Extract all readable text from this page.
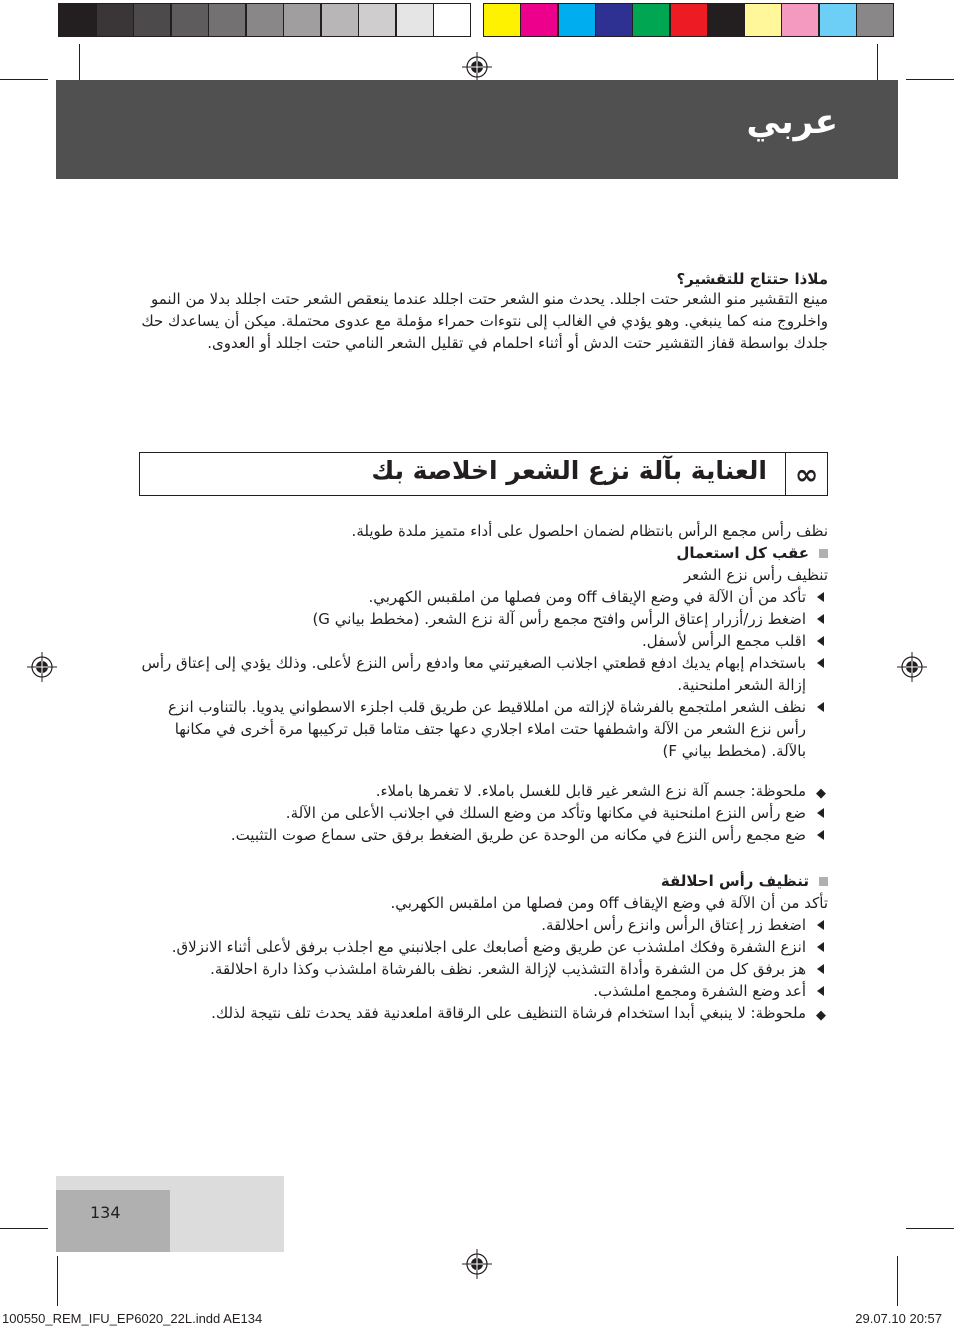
عربي
ملاذا حتتاج للتقشير؟
مينع التقشير منو الشعر حتت اجللد. يحدث منو الشعر حتت اجللد عندما ينعقص الشعر حتت اجللد بدلا من النمو واخلروج منه كما ينبغي. وهو يؤدي في الغالب إلى نتوءات حمراء مؤملة مع عدوى محتملة. ميكن أن يساعدك حك جلدك بواسطة قفاز التقشير حتت الدش أو أثناء احلمام في تقليل الشعر النامي حتت اجللد أو العدوى.
العناية بآلة نزع الشعر اخلاصة بك ∞
نظف رأس مجمع الرأس بانتظام لضمان احلصول على أداء متميز ملدة طويلة.
عقب كل استعمال
تنظيف رأس نزع الشعر
تأكد من أن الآلة في وضع الإيقاف off ومن فصلها من املقبس الكهربي.
اضغط زر/أزرار إعتاق الرأس وافتح مجمع رأس آلة نزع الشعر. (مخطط بياني G)
اقلب مجمع الرأس لأسفل.
باستخدام إبهام يديك ادفع قطعتي اجلانب الصغيرتني معا وادفع رأس النزع لأعلى. وذلك يؤدي إلى إعتاق رأس إزالة الشعر املنحنية.
نظف الشعر املتجمع بالفرشاة لإزالته من امللاقيط عن طريق قلب اجلزء الاسطواني يدويا. بالتناوب انزع رأس نزع الشعر من الآلة واشطفها حتت املاء اجلاري دعها جتف متاما قبل تركيبها مرة أخرى في مكانها بالآلة. (مخطط بياني F)
◆
ملحوظة: جسم آلة نزع الشعر غير قابل للغسل باملاء. لا تغمرها باملاء.
ضع رأس النزع املنحنية في مكانها وتأكد من وضع السلك في اجلانب الأعلى من الآلة.
ضع مجمع رأس النزع في مكانه من الوحدة عن طريق الضغط برفق حتى سماع صوت التثبيت.
تنظيف رأس احلالقة
تأكد من أن الآلة في وضع الإيقاف off ومن فصلها من املقبس الكهربي.
اضغط زر إعتاق الرأس وانزع رأس احلالقة.
انزع الشفرة وفكك املشذب عن طريق وضع أصابعك على اجلانبني مع اجلذب برفق لأعلى أثناء الانزلاق.
هز برفق كل من الشفرة وأداة التشذيب لإزالة الشعر. نظف بالفرشاة املشذب وكذا دارة احلالقة.
أعد وضع الشفرة ومجمع املشذب.
◆
ملحوظة: لا ينبغي أبدا استخدام فرشاة التنظيف على الرقاقة املعدنية فقد يحدث تلف نتيجة لذلك.
134
100550_REM_IFU_EP6020_22L.indd AE134	29.07.10 20:57
